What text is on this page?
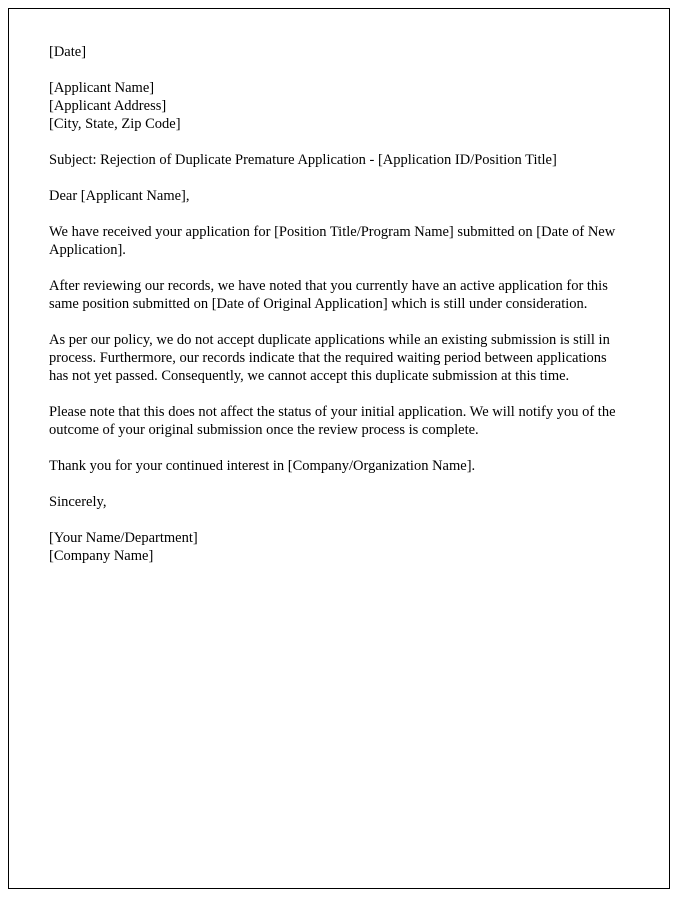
[Date]
[Applicant Name]
[Applicant Address]
[City, State, Zip Code]

Subject: Rejection of Duplicate Premature Application - [Application ID/Position Title]

Dear [Applicant Name],

We have received your application for [Position Title/Program Name] submitted on [Date of New Application].

After reviewing our records, we have noted that you currently have an active application for this same position submitted on [Date of Original Application] which is still under consideration.

As per our policy, we do not accept duplicate applications while an existing submission is still in process. Furthermore, our records indicate that the required waiting period between applications has not yet passed. Consequently, we cannot accept this duplicate submission at this time.

Please note that this does not affect the status of your initial application. We will notify you of the outcome of your original submission once the review process is complete.

Thank you for your continued interest in [Company/Organization Name].

Sincerely,

[Your Name/Department]
[Company Name]
